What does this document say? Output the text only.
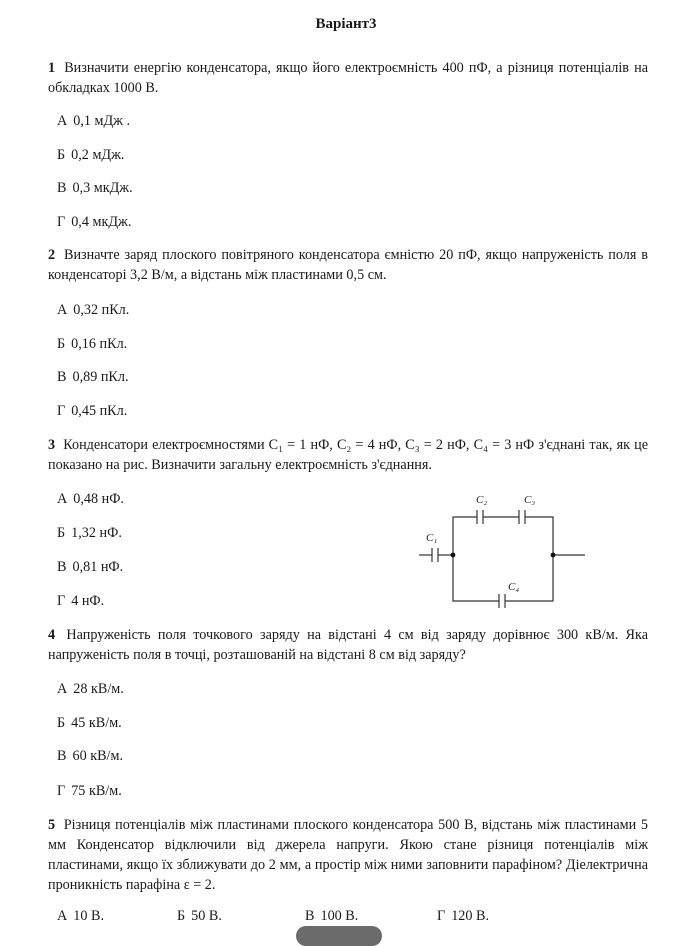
Варіант3
1 Визначити енергію конденсатора, якщо його електроємність 400 пФ, а різниця потенціалів на обкладках 1000 В.
А 0,1 мДж .
Б 0,2 мДж.
В 0,3 мкДж.
Г 0,4 мкДж.
2 Визначте заряд плоского повітряного конденсатора ємністю 20 пФ, якщо напруженість поля в конденсаторі 3,2 В/м, а відстань між пластинами 0,5 см.
А 0,32 пКл.
Б 0,16 пКл.
В 0,89 пКл.
Г 0,45 пКл.
3 Конденсатори електроємностями C₁ = 1 нФ, C₂ = 4 нФ, C₃ = 2 нФ, C₄ = 3 нФ з'єднані так, як це показано на рис. Визначити загальну електроємність з'єднання.
А 0,48 нФ.
Б 1,32 нФ.
В 0,81 нФ.
Г 4 нФ.
C₁
C₂	C₃
C₄
4 Напруженість поля точкового заряду на відстані 4 см від заряду дорівнює 300 кВ/м. Яка напруженість поля в точці, розташованій на відстані 8 см від заряду?
А 28 кВ/м.
Б 45 кВ/м.
В 60 кВ/м.
Г 75 кВ/м.
5 Різниця потенціалів між пластинами плоского конденсатора 500 В, відстань між пластинами 5 мм Конденсатор відключили від джерела напруги. Якою стане різниця потенціалів між пластинами, якщо їх зближувати до 2 мм, а простір між ними заповнити парафіном? Діелектрична проникність парафіна ε = 2.
А 10 В.	Б 50 В.	В 100 В.	Г 120 В.
